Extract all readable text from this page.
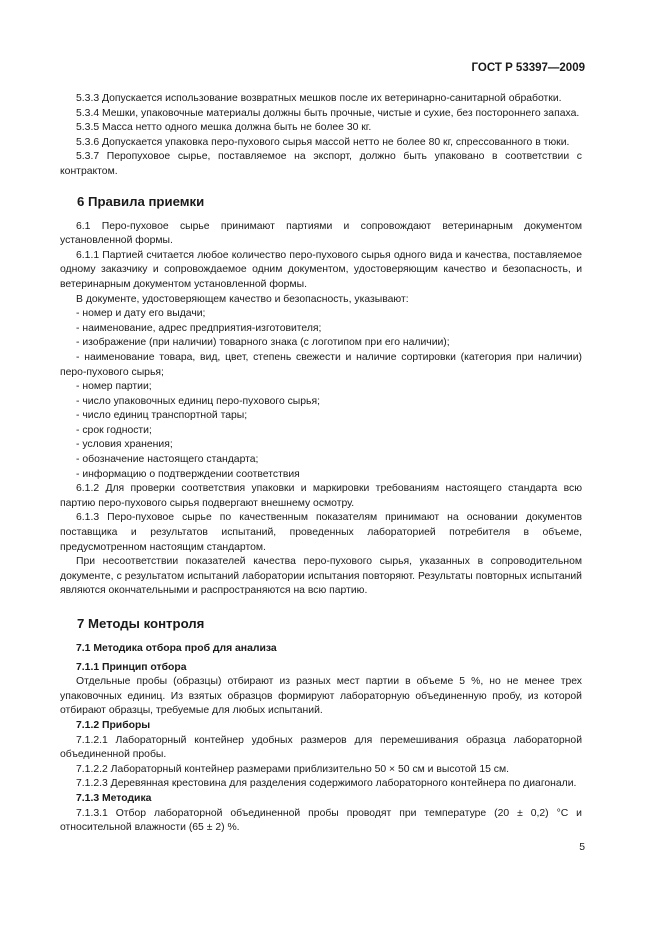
ГОСТ Р 53397—2009

5.3.3 Допускается использование возвратных мешков после их ветеринарно-санитарной обработки.

5.3.4 Мешки, упаковочные материалы должны быть прочные, чистые и сухие, без постороннего запаха.

5.3.5 Масса нетто одного мешка должна быть не более 30 кг.

5.3.6 Допускается упаковка перо-пухового сырья массой нетто не более 80 кг, спрессованного в тюки.

5.3.7 Перопуховое сырье, поставляемое на экспорт, должно быть упаковано в соответствии с контрактом.

6 Правила приемки

6.1 Перо-пуховое сырье принимают партиями и сопровождают ветеринарным документом установленной формы.

6.1.1 Партией считается любое количество перо-пухового сырья одного вида и качества, поставляемое одному заказчику и сопровождаемое одним документом, удостоверяющим качество и безопасность, и ветеринарным документом установленной формы.

В документе, удостоверяющем качество и безопасность, указывают:

- номер и дату его выдачи;

- наименование, адрес предприятия-изготовителя;

- изображение (при наличии) товарного знака (с логотипом при его наличии);

- наименование товара, вид, цвет, степень свежести и наличие сортировки (категория при наличии) перо-пухового сырья;

- номер партии;

- число упаковочных единиц перо-пухового сырья;

- число единиц транспортной тары;

- срок годности;

- условия хранения;

- обозначение настоящего стандарта;

- информацию о подтверждении соответствия

6.1.2 Для проверки соответствия упаковки и маркировки требованиям настоящего стандарта всю партию перо-пухового сырья подвергают внешнему осмотру.

6.1.3 Перо-пуховое сырье по качественным показателям принимают на основании документов поставщика и результатов испытаний, проведенных лабораторией потребителя в объеме, предусмотренном настоящим стандартом.

При несоответствии показателей качества перо-пухового сырья, указанных в сопроводительном документе, с результатом испытаний лаборатории испытания повторяют. Результаты повторных испытаний являются окончательными и распространяются на всю партию.

7 Методы контроля

7.1 Методика отбора проб для анализа

7.1.1 Принцип отбора

Отдельные пробы (образцы) отбирают из разных мест партии в объеме 5 %, но не менее трех упаковочных единиц. Из взятых образцов формируют лабораторную объединенную пробу, из которой отбирают образцы, требуемые для любых испытаний.

7.1.2 Приборы

7.1.2.1 Лабораторный контейнер удобных размеров для перемешивания образца лабораторной объединенной пробы.

7.1.2.2 Лабораторный контейнер размерами приблизительно 50 × 50 см и высотой 15 см.

7.1.2.3 Деревянная крестовина для разделения содержимого лабораторного контейнера по диагонали.

7.1.3 Методика

7.1.3.1 Отбор лабораторной объединенной пробы проводят при температуре (20 ± 0,2) °C и относительной влажности (65 ± 2) %.

5
